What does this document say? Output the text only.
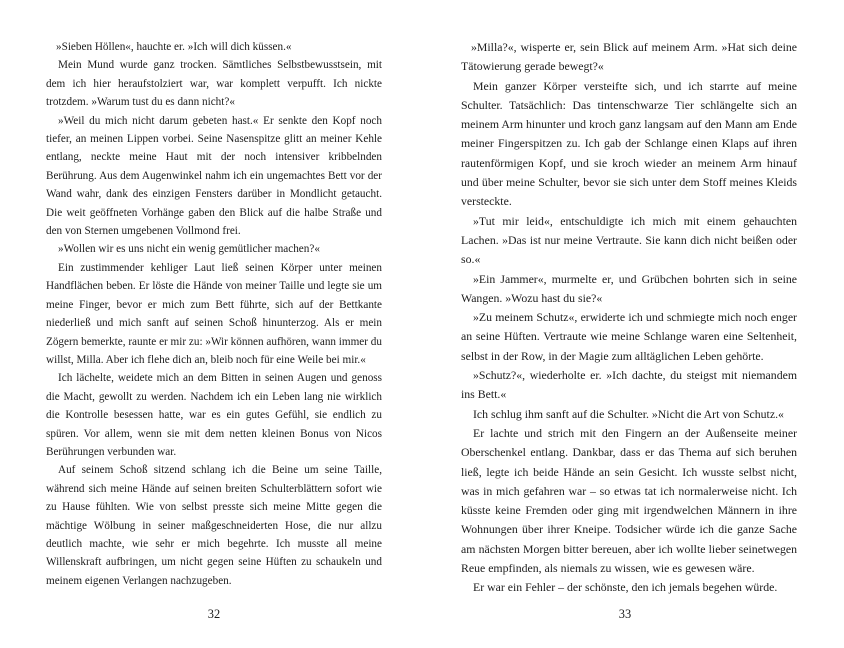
»Sieben Höllen«, hauchte er. »Ich will dich küssen.«

Mein Mund wurde ganz trocken. Sämtliches Selbstbewusstsein, mit dem ich hier heraufstolziert war, war komplett verpufft. Ich nickte trotzdem. »Warum tust du es dann nicht?«

»Weil du mich nicht darum gebeten hast.« Er senkte den Kopf noch tiefer, an meinen Lippen vorbei. Seine Nasenspitze glitt an meiner Kehle entlang, neckte meine Haut mit der noch intensiver kribbelnden Berührung. Aus dem Augenwinkel nahm ich ein ungemachtes Bett vor der Wand wahr, dank des einzigen Fensters darüber in Mondlicht getaucht. Die weit geöffneten Vorhänge gaben den Blick auf die halbe Straße und den von Sternen umgebenen Vollmond frei.

»Wollen wir es uns nicht ein wenig gemütlicher machen?«

Ein zustimmender kehliger Laut ließ seinen Körper unter meinen Handflächen beben. Er löste die Hände von meiner Taille und legte sie um meine Finger, bevor er mich zum Bett führte, sich auf der Bettkante niederließ und mich sanft auf seinen Schoß hinunterzog. Als er mein Zögern bemerkte, raunte er mir zu: »Wir können aufhören, wann immer du willst, Milla. Aber ich flehe dich an, bleib noch für eine Weile bei mir.«

Ich lächelte, weidete mich an dem Bitten in seinen Augen und genoss die Macht, gewollt zu werden. Nachdem ich ein Leben lang nie wirklich die Kontrolle besessen hatte, war es ein gutes Gefühl, sie endlich zu spüren. Vor allem, wenn sie mit dem netten kleinen Bonus von Nicos Berührungen verbunden war.

Auf seinem Schoß sitzend schlang ich die Beine um seine Taille, während sich meine Hände auf seinen breiten Schulterblättern sofort wie zu Hause fühlten. Wie von selbst presste sich meine Mitte gegen die mächtige Wölbung in seiner maßgeschneiderten Hose, die nur allzu deutlich machte, wie sehr er mich begehrte. Ich musste all meine Willenskraft aufbringen, um nicht gegen seine Hüften zu schaukeln und meinem eigenen Verlangen nachzugeben.

32

»Milla?«, wisperte er, sein Blick auf meinem Arm. »Hat sich deine Tätowierung gerade bewegt?«

Mein ganzer Körper versteifte sich, und ich starrte auf meine Schulter. Tatsächlich: Das tintenschwarze Tier schlängelte sich an meinem Arm hinunter und kroch ganz langsam auf den Mann am Ende meiner Fingerspitzen zu. Ich gab der Schlange einen Klaps auf ihren rautenförmigen Kopf, und sie kroch wieder an meinem Arm hinauf und über meine Schulter, bevor sie sich unter dem Stoff meines Kleids versteckte.

»Tut mir leid«, entschuldigte ich mich mit einem gehauchten Lachen. »Das ist nur meine Vertraute. Sie kann dich nicht beißen oder so.«

»Ein Jammer«, murmelte er, und Grübchen bohrten sich in seine Wangen. »Wozu hast du sie?«

»Zu meinem Schutz«, erwiderte ich und schmiegte mich noch enger an seine Hüften. Vertraute wie meine Schlange waren eine Seltenheit, selbst in der Row, in der Magie zum alltäglichen Leben gehörte.

»Schutz?«, wiederholte er. »Ich dachte, du steigst mit niemandem ins Bett.«

Ich schlug ihm sanft auf die Schulter. »Nicht die Art von Schutz.«

Er lachte und strich mit den Fingern an der Außenseite meiner Oberschenkel entlang. Dankbar, dass er das Thema auf sich beruhen ließ, legte ich beide Hände an sein Gesicht. Ich wusste selbst nicht, was in mich gefahren war – so etwas tat ich normalerweise nicht. Ich küsste keine Fremden oder ging mit irgendwelchen Männern in ihre Wohnungen über ihrer Kneipe. Todsicher würde ich die ganze Sache am nächsten Morgen bitter bereuen, aber ich wollte lieber seinetwegen Reue empfinden, als niemals zu wissen, wie es gewesen wäre.

Er war ein Fehler – der schönste, den ich jemals begehen würde.

33
